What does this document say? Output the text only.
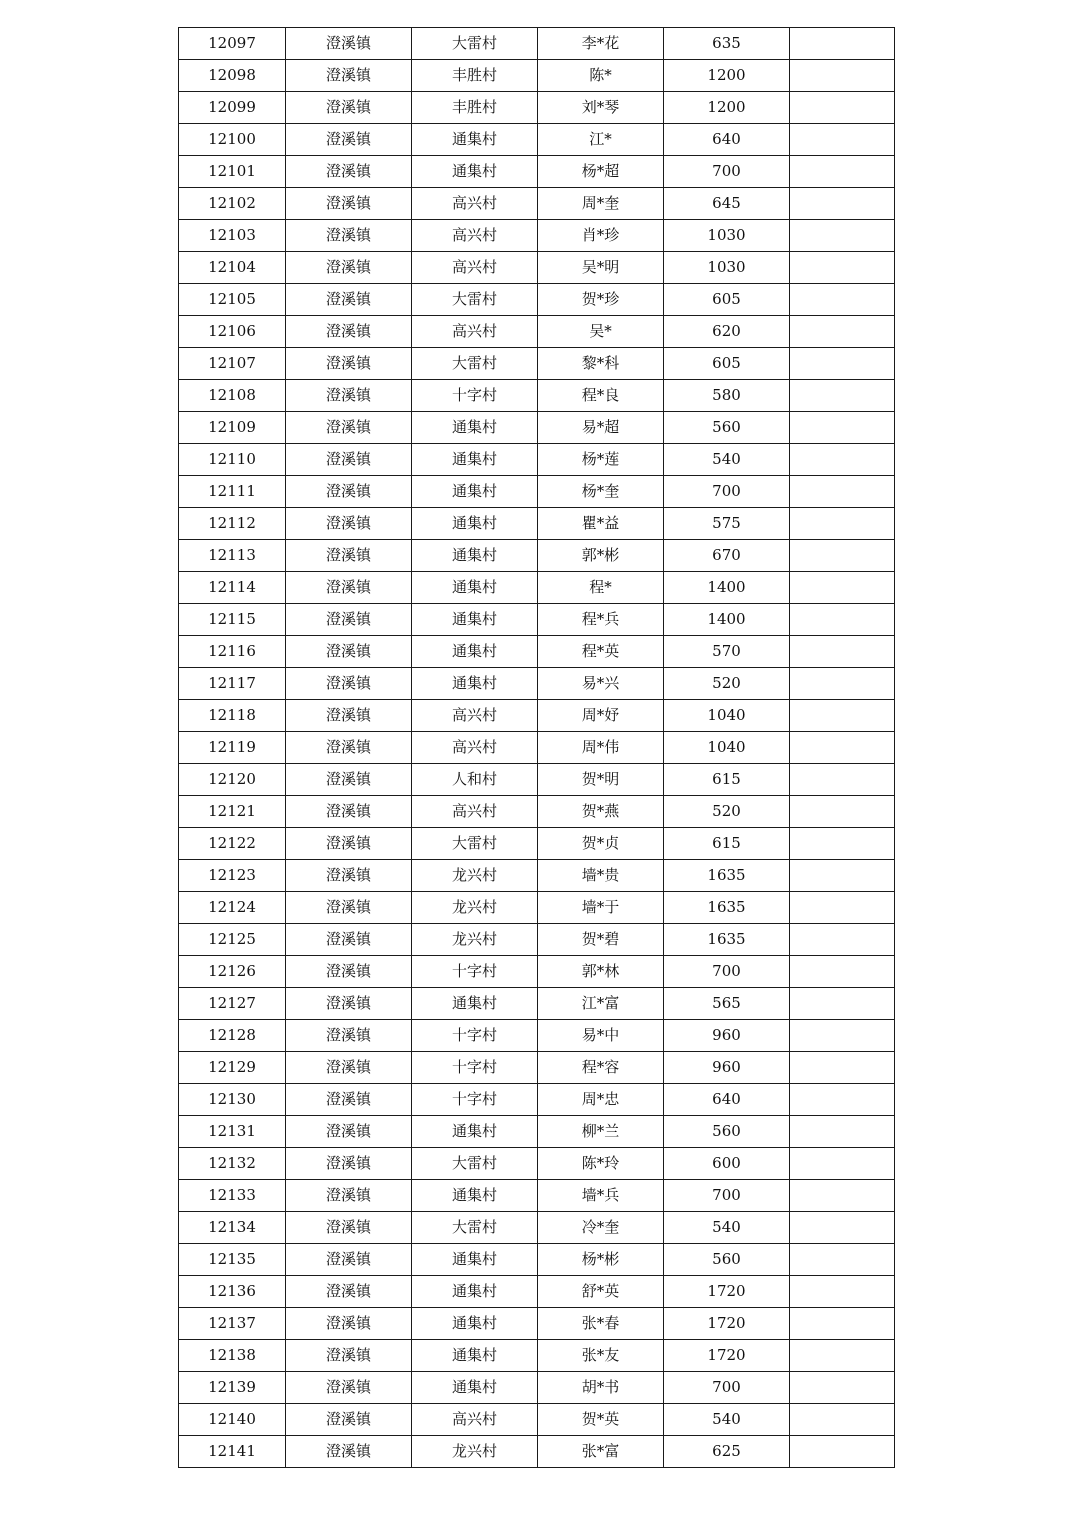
12097	澄溪镇	大雷村	李*花	635	
12098	澄溪镇	丰胜村	陈*	1200	
12099	澄溪镇	丰胜村	刘*琴	1200	
12100	澄溪镇	通集村	江*	640	
12101	澄溪镇	通集村	杨*超	700	
12102	澄溪镇	高兴村	周*奎	645	
12103	澄溪镇	高兴村	肖*珍	1030	
12104	澄溪镇	高兴村	吴*明	1030	
12105	澄溪镇	大雷村	贺*珍	605	
12106	澄溪镇	高兴村	吴*	620	
12107	澄溪镇	大雷村	黎*科	605	
12108	澄溪镇	十字村	程*良	580	
12109	澄溪镇	通集村	易*超	560	
12110	澄溪镇	通集村	杨*莲	540	
12111	澄溪镇	通集村	杨*奎	700	
12112	澄溪镇	通集村	瞿*益	575	
12113	澄溪镇	通集村	郭*彬	670	
12114	澄溪镇	通集村	程*	1400	
12115	澄溪镇	通集村	程*兵	1400	
12116	澄溪镇	通集村	程*英	570	
12117	澄溪镇	通集村	易*兴	520	
12118	澄溪镇	高兴村	周*妤	1040	
12119	澄溪镇	高兴村	周*伟	1040	
12120	澄溪镇	人和村	贺*明	615	
12121	澄溪镇	高兴村	贺*燕	520	
12122	澄溪镇	大雷村	贺*贞	615	
12123	澄溪镇	龙兴村	墙*贵	1635	
12124	澄溪镇	龙兴村	墙*于	1635	
12125	澄溪镇	龙兴村	贺*碧	1635	
12126	澄溪镇	十字村	郭*林	700	
12127	澄溪镇	通集村	江*富	565	
12128	澄溪镇	十字村	易*中	960	
12129	澄溪镇	十字村	程*容	960	
12130	澄溪镇	十字村	周*忠	640	
12131	澄溪镇	通集村	柳*兰	560	
12132	澄溪镇	大雷村	陈*玲	600	
12133	澄溪镇	通集村	墙*兵	700	
12134	澄溪镇	大雷村	冷*奎	540	
12135	澄溪镇	通集村	杨*彬	560	
12136	澄溪镇	通集村	舒*英	1720	
12137	澄溪镇	通集村	张*春	1720	
12138	澄溪镇	通集村	张*友	1720	
12139	澄溪镇	通集村	胡*书	700	
12140	澄溪镇	高兴村	贺*英	540	
12141	澄溪镇	龙兴村	张*富	625	
